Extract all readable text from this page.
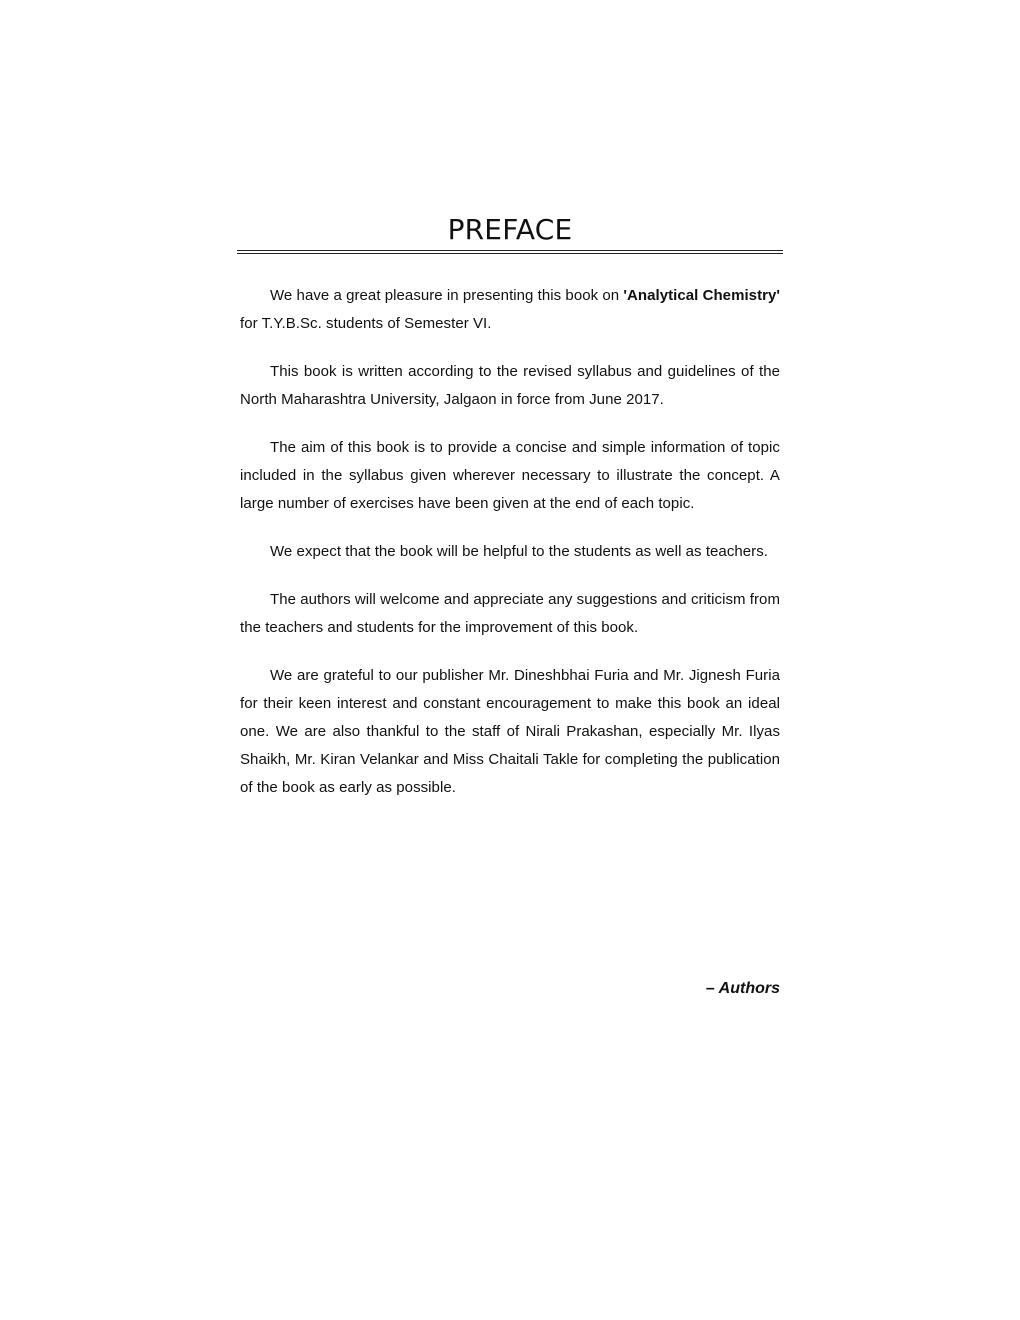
PREFACE

We have a great pleasure in presenting this book on 'Analytical Chemistry' for T.Y.B.Sc. students of Semester VI.

This book is written according to the revised syllabus and guidelines of the North Maharashtra University, Jalgaon in force from June 2017.

The aim of this book is to provide a concise and simple information of topic included in the syllabus given wherever necessary to illustrate the concept. A large number of exercises have been given at the end of each topic.

We expect that the book will be helpful to the students as well as teachers.

The authors will welcome and appreciate any suggestions and criticism from the teachers and students for the improvement of this book.

We are grateful to our publisher Mr. Dineshbhai Furia and Mr. Jignesh Furia for their keen interest and constant encouragement to make this book an ideal one. We are also thankful to the staff of Nirali Prakashan, especially Mr. Ilyas Shaikh, Mr. Kiran Velankar and Miss Chaitali Takle for completing the publication of the book as early as possible.

– Authors
